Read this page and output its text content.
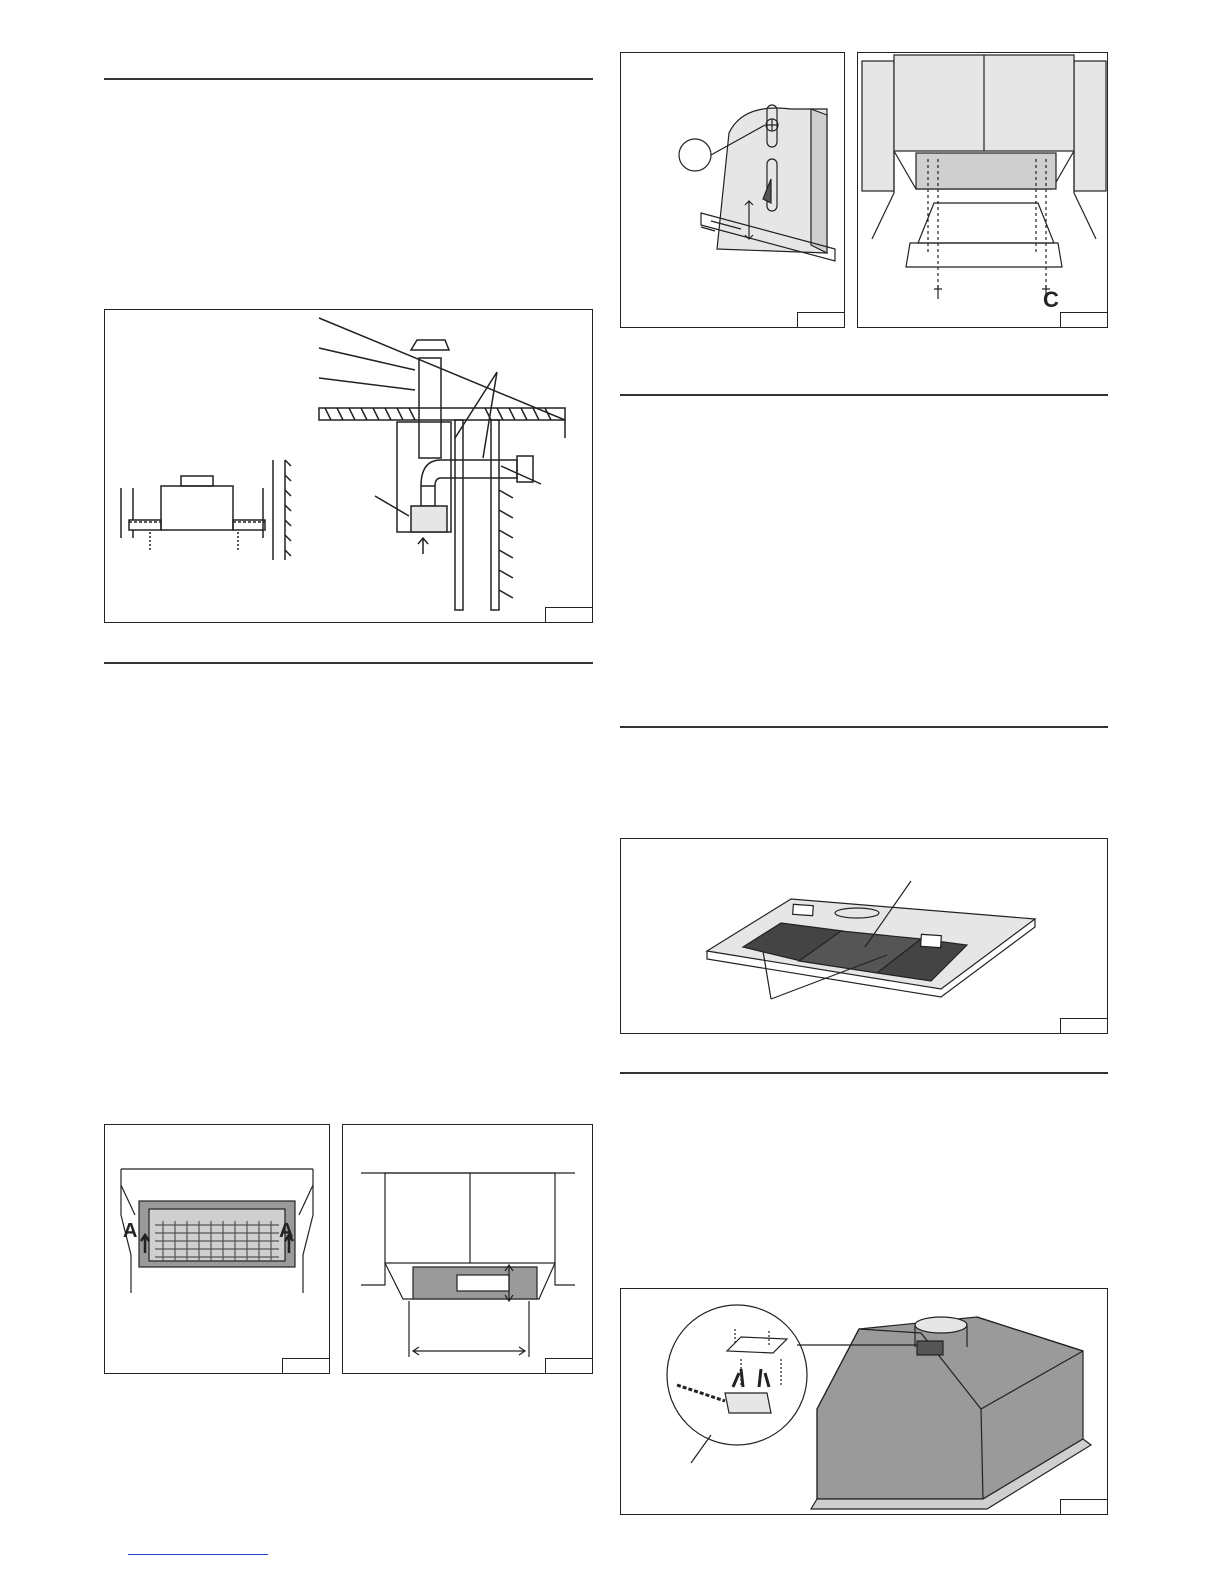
A	A
C
